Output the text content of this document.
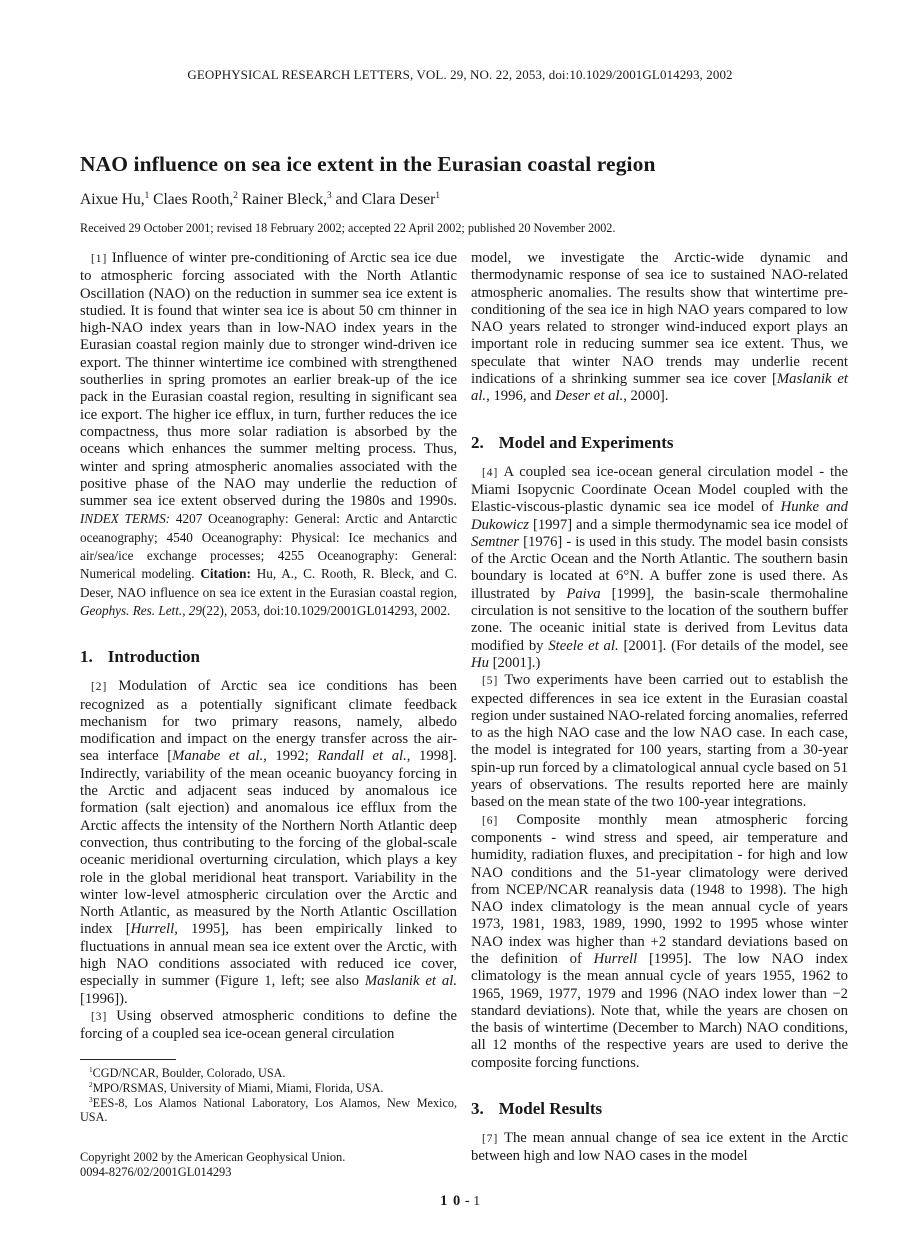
GEOPHYSICAL RESEARCH LETTERS, VOL. 29, NO. 22, 2053, doi:10.1029/2001GL014293, 2002
NAO influence on sea ice extent in the Eurasian coastal region

Aixue Hu,$^1$ Claes Rooth,$^2$ Rainer Bleck,$^3$ and Clara Deser$^1$

Received 29 October 2001; revised 18 February 2002; accepted 22 April 2002; published 20 November 2002.

[1] Influence of winter pre-conditioning of Arctic sea ice due to atmospheric forcing associated with the North Atlantic Oscillation (NAO) on the reduction in summer sea ice extent is studied. It is found that winter sea ice is about 50 cm thinner in high-NAO index years than in low-NAO index years in the Eurasian coastal region mainly due to stronger wind-driven ice export. The thinner wintertime ice combined with strengthened southerlies in spring promotes an earlier break-up of the ice pack in the Eurasian coastal region, resulting in significant sea ice export. The higher ice efflux, in turn, further reduces the ice compactness, thus more solar radiation is absorbed by the oceans which enhances the summer melting process. Thus, winter and spring atmospheric anomalies associated with the positive phase of the NAO may underlie the reduction of summer sea ice extent observed during the 1980s and 1990s. INDEX TERMS: 4207 Oceanography: General: Arctic and Antarctic oceanography; 4540 Oceanography: Physical: Ice mechanics and air/sea/ice exchange processes; 4255 Oceanography: General: Numerical modeling. Citation: Hu, A., C. Rooth, R. Bleck, and C. Deser, NAO influence on sea ice extent in the Eurasian coastal region, Geophys. Res. Lett., 29(22), 2053, doi:10.1029/2001GL014293, 2002.

1. Introduction

[2] Modulation of Arctic sea ice conditions has been recognized as a potentially significant climate feedback mechanism for two primary reasons, namely, albedo modification and impact on the energy transfer across the air-sea interface [Manabe et al., 1992; Randall et al., 1998]. Indirectly, variability of the mean oceanic buoyancy forcing in the Arctic and adjacent seas induced by anomalous ice formation (salt ejection) and anomalous ice efflux from the Arctic affects the intensity of the Northern North Atlantic deep convection, thus contributing to the forcing of the global-scale oceanic meridional overturning circulation, which plays a key role in the global meridional heat transport. Variability in the winter low-level atmospheric circulation over the Arctic and North Atlantic, as measured by the North Atlantic Oscillation index [Hurrell, 1995], has been empirically linked to fluctuations in annual mean sea ice extent over the Arctic, with high NAO conditions associated with reduced ice cover, especially in summer (Figure 1, left; see also Maslanik et al. [1996]).

[3] Using observed atmospheric conditions to define the forcing of a coupled sea ice-ocean general circulation

$^1$CGD/NCAR, Boulder, Colorado, USA.

$^2$MPO/RSMAS, University of Miami, Miami, Florida, USA.

$^3$EES-8, Los Alamos National Laboratory, Los Alamos, New Mexico, USA.

Copyright 2002 by the American Geophysical Union.

0094-8276/02/2001GL014293

model, we investigate the Arctic-wide dynamic and thermodynamic response of sea ice to sustained NAO-related atmospheric anomalies. The results show that wintertime pre-conditioning of the sea ice in high NAO years compared to low NAO years related to stronger wind-induced export plays an important role in reducing summer sea ice extent. Thus, we speculate that winter NAO trends may underlie recent indications of a shrinking summer sea ice cover [Maslanik et al., 1996, and Deser et al., 2000].

2. Model and Experiments

[4] A coupled sea ice-ocean general circulation model - the Miami Isopycnic Coordinate Ocean Model coupled with the Elastic-viscous-plastic dynamic sea ice model of Hunke and Dukowicz [1997] and a simple thermodynamic sea ice model of Semtner [1976] - is used in this study. The model basin consists of the Arctic Ocean and the North Atlantic. The southern basin boundary is located at 6°N. A buffer zone is used there. As illustrated by Paiva [1999], the basin-scale thermohaline circulation is not sensitive to the location of the southern buffer zone. The oceanic initial state is derived from Levitus data modified by Steele et al. [2001]. (For details of the model, see Hu [2001].)

[5] Two experiments have been carried out to establish the expected differences in sea ice extent in the Eurasian coastal region under sustained NAO-related forcing anomalies, referred to as the high NAO case and the low NAO case. In each case, the model is integrated for 100 years, starting from a 30-year spin-up run forced by a climatological annual cycle based on 51 years of observations. The results reported here are mainly based on the mean state of the two 100-year integrations.

[6] Composite monthly mean atmospheric forcing components - wind stress and speed, air temperature and humidity, radiation fluxes, and precipitation - for high and low NAO conditions and the 51-year climatology were derived from NCEP/NCAR reanalysis data (1948 to 1998). The high NAO index climatology is the mean annual cycle of years 1973, 1981, 1983, 1989, 1990, 1992 to 1995 whose winter NAO index was higher than +2 standard deviations based on the definition of Hurrell [1995]. The low NAO index climatology is the mean annual cycle of years 1955, 1962 to 1965, 1969, 1977, 1979 and 1996 (NAO index lower than −2 standard deviations). Note that, while the years are chosen on the basis of wintertime (December to March) NAO conditions, all 12 months of the respective years are used to derive the composite forcing functions.

3. Model Results

[7] The mean annual change of sea ice extent in the Arctic between high and low NAO cases in the model

1 0 - 1
